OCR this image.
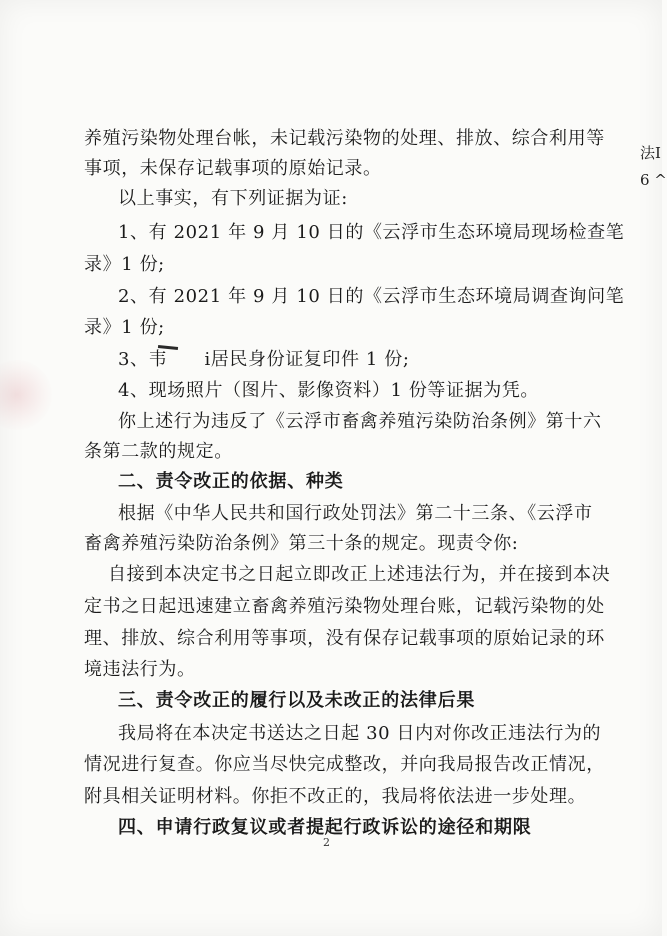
养殖污染物处理台帐，未记载污染物的处理、排放、综合利用等
事项，未保存记载事项的原始记录。
以上事实，有下列证据为证:
1、有 2021 年 9 月 10 日的《云浮市生态环境局现场检查笔
录》1 份;
2、有 2021 年 9 月 10 日的《云浮市生态环境局调查询问笔
录》1 份;
3、韦　　i居民身份证复印件 1 份;
4、现场照片（图片、影像资料）1 份等证据为凭。
你上述行为违反了《云浮市畜禽养殖污染防治条例》第十六
条第二款的规定。
二、责令改正的依据、种类
根据《中华人民共和国行政处罚法》第二十三条、《云浮市
畜禽养殖污染防治条例》第三十条的规定。现责令你:
自接到本决定书之日起立即改正上述违法行为，并在接到本决
定书之日起迅速建立畜禽养殖污染物处理台账，记载污染物的处
理、排放、综合利用等事项，没有保存记载事项的原始记录的环
境违法行为。
三、责令改正的履行以及未改正的法律后果
我局将在本决定书送达之日起 30 日内对你改正违法行为的
情况进行复查。你应当尽快完成整改，并向我局报告改正情况，
附具相关证明材料。你拒不改正的，我局将依法进一步处理。
四、申请行政复议或者提起行政诉讼的途径和期限
法I
6 ^
2
